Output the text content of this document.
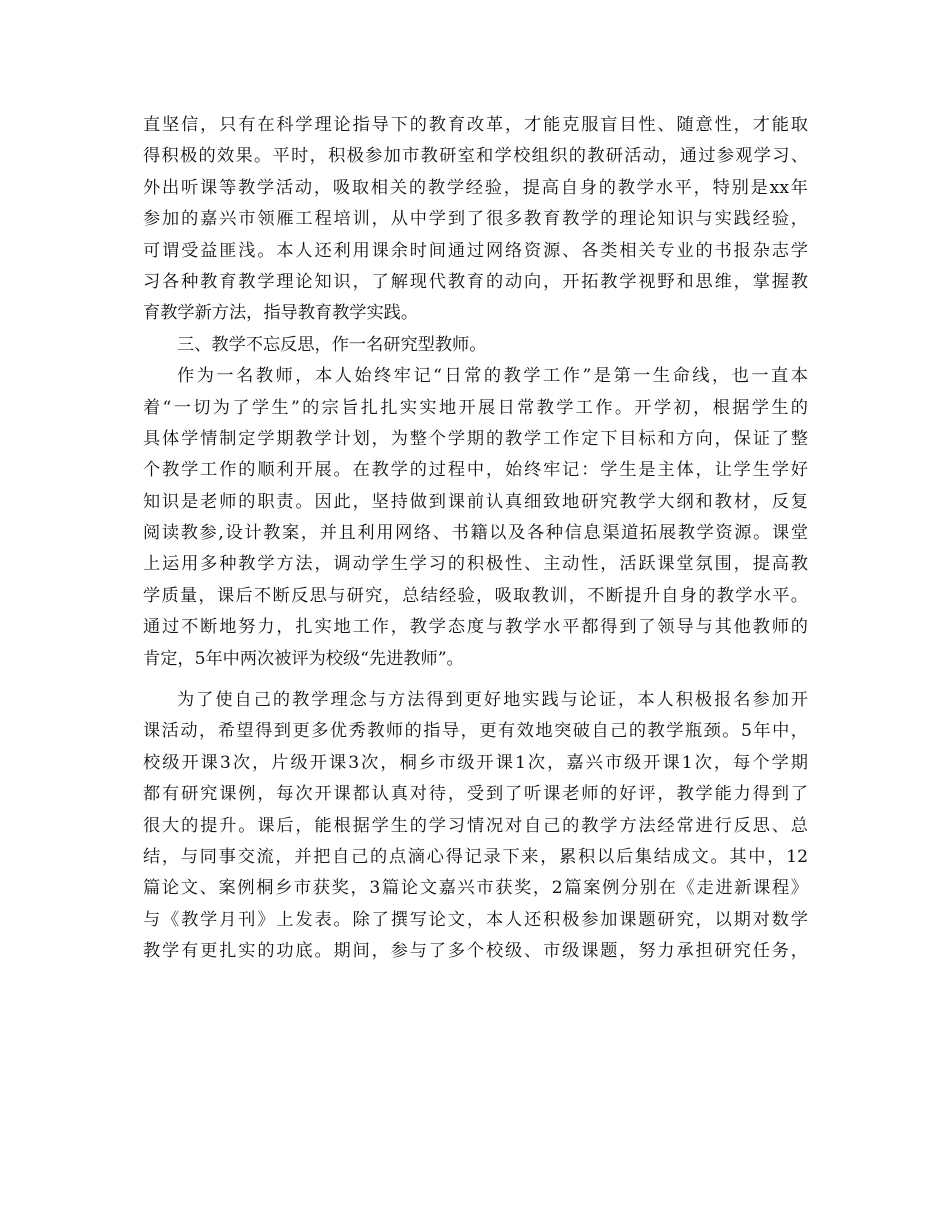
直坚信，只有在科学理论指导下的教育改革，才能克服盲目性、随意性，才能取
得积极的效果。平时，积极参加市教研室和学校组织的教研活动，通过参观学习、
外出听课等教学活动，吸取相关的教学经验，提高自身的教学水平，特别是xx年
参加的嘉兴市领雁工程培训，从中学到了很多教育教学的理论知识与实践经验，
可谓受益匪浅。本人还利用课余时间通过网络资源、各类相关专业的书报杂志学
习各种教育教学理论知识，了解现代教育的动向，开拓教学视野和思维，掌握教
育教学新方法，指导教育教学实践。
三、教学不忘反思，作一名研究型教师。
作为一名教师，本人始终牢记“日常的教学工作”是第一生命线，也一直本
着“一切为了学生”的宗旨扎扎实实地开展日常教学工作。开学初，根据学生的
具体学情制定学期教学计划，为整个学期的教学工作定下目标和方向，保证了整
个教学工作的顺利开展。在教学的过程中，始终牢记：学生是主体，让学生学好
知识是老师的职责。因此，坚持做到课前认真细致地研究教学大纲和教材，反复
阅读教参,设计教案，并且利用网络、书籍以及各种信息渠道拓展教学资源。课堂
上运用多种教学方法，调动学生学习的积极性、主动性，活跃课堂氛围，提高教
学质量，课后不断反思与研究，总结经验，吸取教训，不断提升自身的教学水平。
通过不断地努力，扎实地工作，教学态度与教学水平都得到了领导与其他教师的
肯定，5年中两次被评为校级“先进教师”。
为了使自己的教学理念与方法得到更好地实践与论证，本人积极报名参加开
课活动，希望得到更多优秀教师的指导，更有效地突破自己的教学瓶颈。5年中，
校级开课3次，片级开课3次，桐乡市级开课1次，嘉兴市级开课1次，每个学期
都有研究课例，每次开课都认真对待，受到了听课老师的好评，教学能力得到了
很大的提升。课后，能根据学生的学习情况对自己的教学方法经常进行反思、总
结，与同事交流，并把自己的点滴心得记录下来，累积以后集结成文。其中，12
篇论文、案例桐乡市获奖，3篇论文嘉兴市获奖，2篇案例分别在《走进新课程》
与《教学月刊》上发表。除了撰写论文，本人还积极参加课题研究，以期对数学
教学有更扎实的功底。期间，参与了多个校级、市级课题，努力承担研究任务，
